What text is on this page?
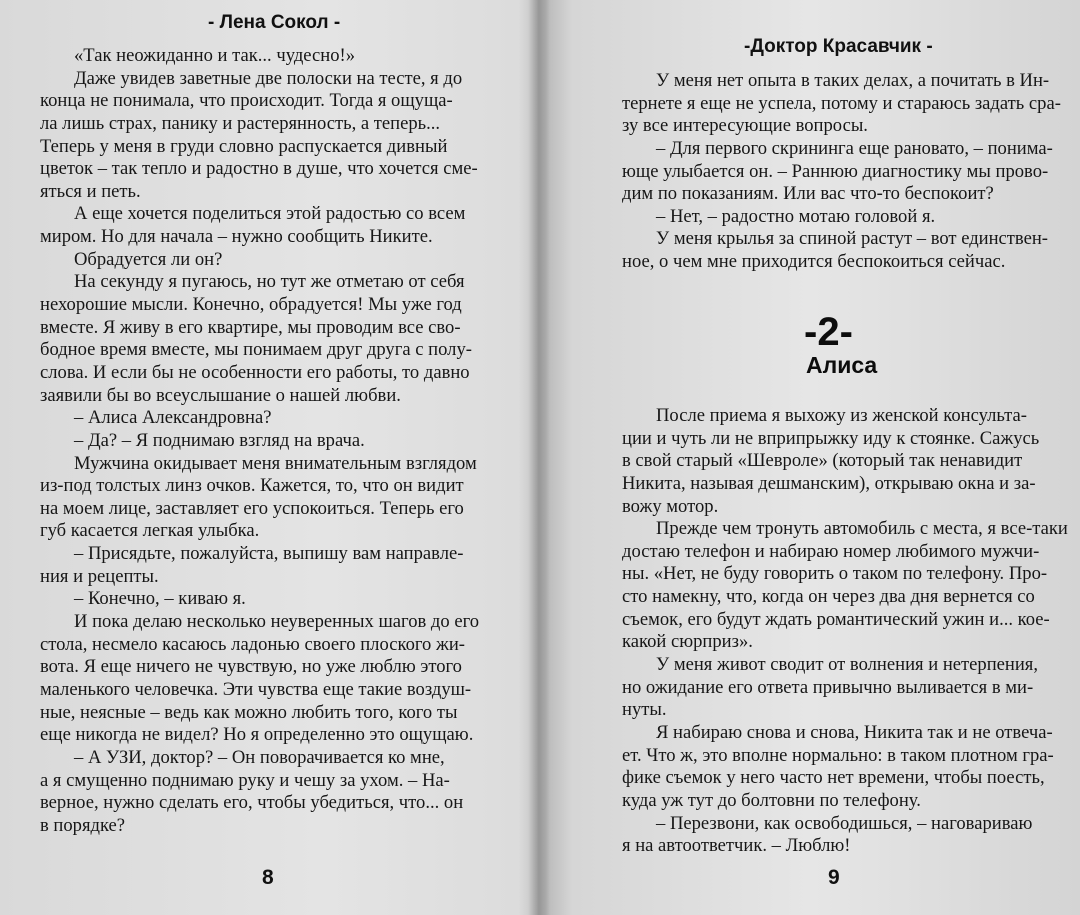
- Лена Сокол -
«Так неожиданно и так... чудесно!»
Даже увидев заветные две полоски на тесте, я до
конца не понимала, что происходит. Тогда я ощуща-
ла лишь страх, панику и растерянность, а теперь...
Теперь у меня в груди словно распускается дивный
цветок – так тепло и радостно в душе, что хочется сме-
яться и петь.
А еще хочется поделиться этой радостью со всем
миром. Но для начала – нужно сообщить Никите.
Обрадуется ли он?
На секунду я пугаюсь, но тут же отметаю от себя
нехорошие мысли. Конечно, обрадуется! Мы уже год
вместе. Я живу в его квартире, мы проводим все сво-
бодное время вместе, мы понимаем друг друга с полу-
слова. И если бы не особенности его работы, то давно
заявили бы во всеуслышание о нашей любви.
– Алиса Александровна?
– Да? – Я поднимаю взгляд на врача.
Мужчина окидывает меня внимательным взглядом
из-под толстых линз очков. Кажется, то, что он видит
на моем лице, заставляет его успокоиться. Теперь его
губ касается легкая улыбка.
– Присядьте, пожалуйста, выпишу вам направле-
ния и рецепты.
– Конечно, – киваю я.
И пока делаю несколько неуверенных шагов до его
стола, несмело касаюсь ладонью своего плоского жи-
вота. Я еще ничего не чувствую, но уже люблю этого
маленького человечка. Эти чувства еще такие воздуш-
ные, неясные – ведь как можно любить того, кого ты
еще никогда не видел? Но я определенно это ощущаю.
– А УЗИ, доктор? – Он поворачивается ко мне,
а я смущенно поднимаю руку и чешу за ухом. – На-
верное, нужно сделать его, чтобы убедиться, что... он
в порядке?
8
-Доктор Красавчик -
У меня нет опыта в таких делах, а почитать в Ин-
тернете я еще не успела, потому и стараюсь задать сра-
зу все интересующие вопросы.
– Для первого скрининга еще рановато, – понима-
юще улыбается он. – Раннюю диагностику мы прово-
дим по показаниям. Или вас что-то беспокоит?
– Нет, – радостно мотаю головой я.
У меня крылья за спиной растут – вот единствен-
ное, о чем мне приходится беспокоиться сейчас.
-2-
Алиса
После приема я выхожу из женской консульта-
ции и чуть ли не вприпрыжку иду к стоянке. Сажусь
в свой старый «Шевроле» (который так ненавидит
Никита, называя дешманским), открываю окна и за-
вожу мотор.
Прежде чем тронуть автомобиль с места, я все-таки
достаю телефон и набираю номер любимого мужчи-
ны. «Нет, не буду говорить о таком по телефону. Про-
сто намекну, что, когда он через два дня вернется со
съемок, его будут ждать романтический ужин и... кое-
какой сюрприз».
У меня живот сводит от волнения и нетерпения,
но ожидание его ответа привычно выливается в ми-
нуты.
Я набираю снова и снова, Никита так и не отвеча-
ет. Что ж, это вполне нормально: в таком плотном гра-
фике съемок у него часто нет времени, чтобы поесть,
куда уж тут до болтовни по телефону.
– Перезвони, как освободишься, – наговариваю
я на автоответчик. – Люблю!
9
